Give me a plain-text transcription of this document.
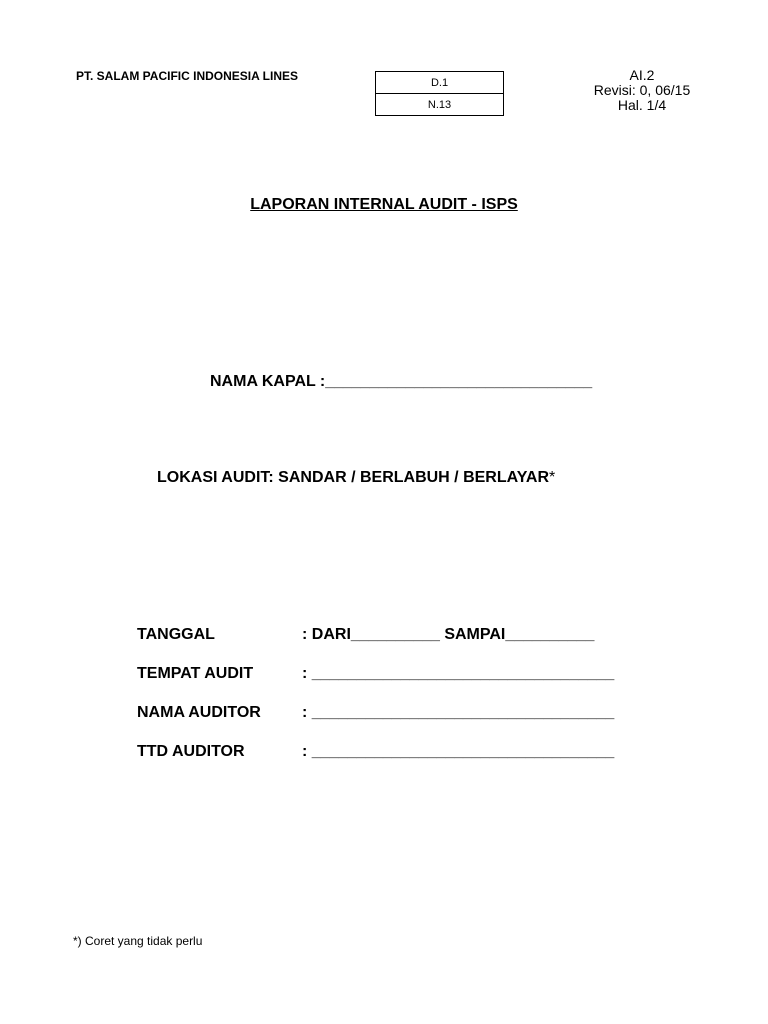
PT. SALAM PACIFIC INDONESIA LINES	D.1
N.13
AI.2
Revisi: 0, 06/15
Hal. 1/4
LAPORAN INTERNAL AUDIT - ISPS
NAMA KAPAL :______________________________
LOKASI AUDIT: SANDAR / BERLABUH / BERLAYAR*
TANGGAL	: DARI__________ SAMPAI__________
TEMPAT AUDIT	: __________________________________
NAMA AUDITOR	: __________________________________
TTD AUDITOR	: __________________________________
*) Coret yang tidak perlu
